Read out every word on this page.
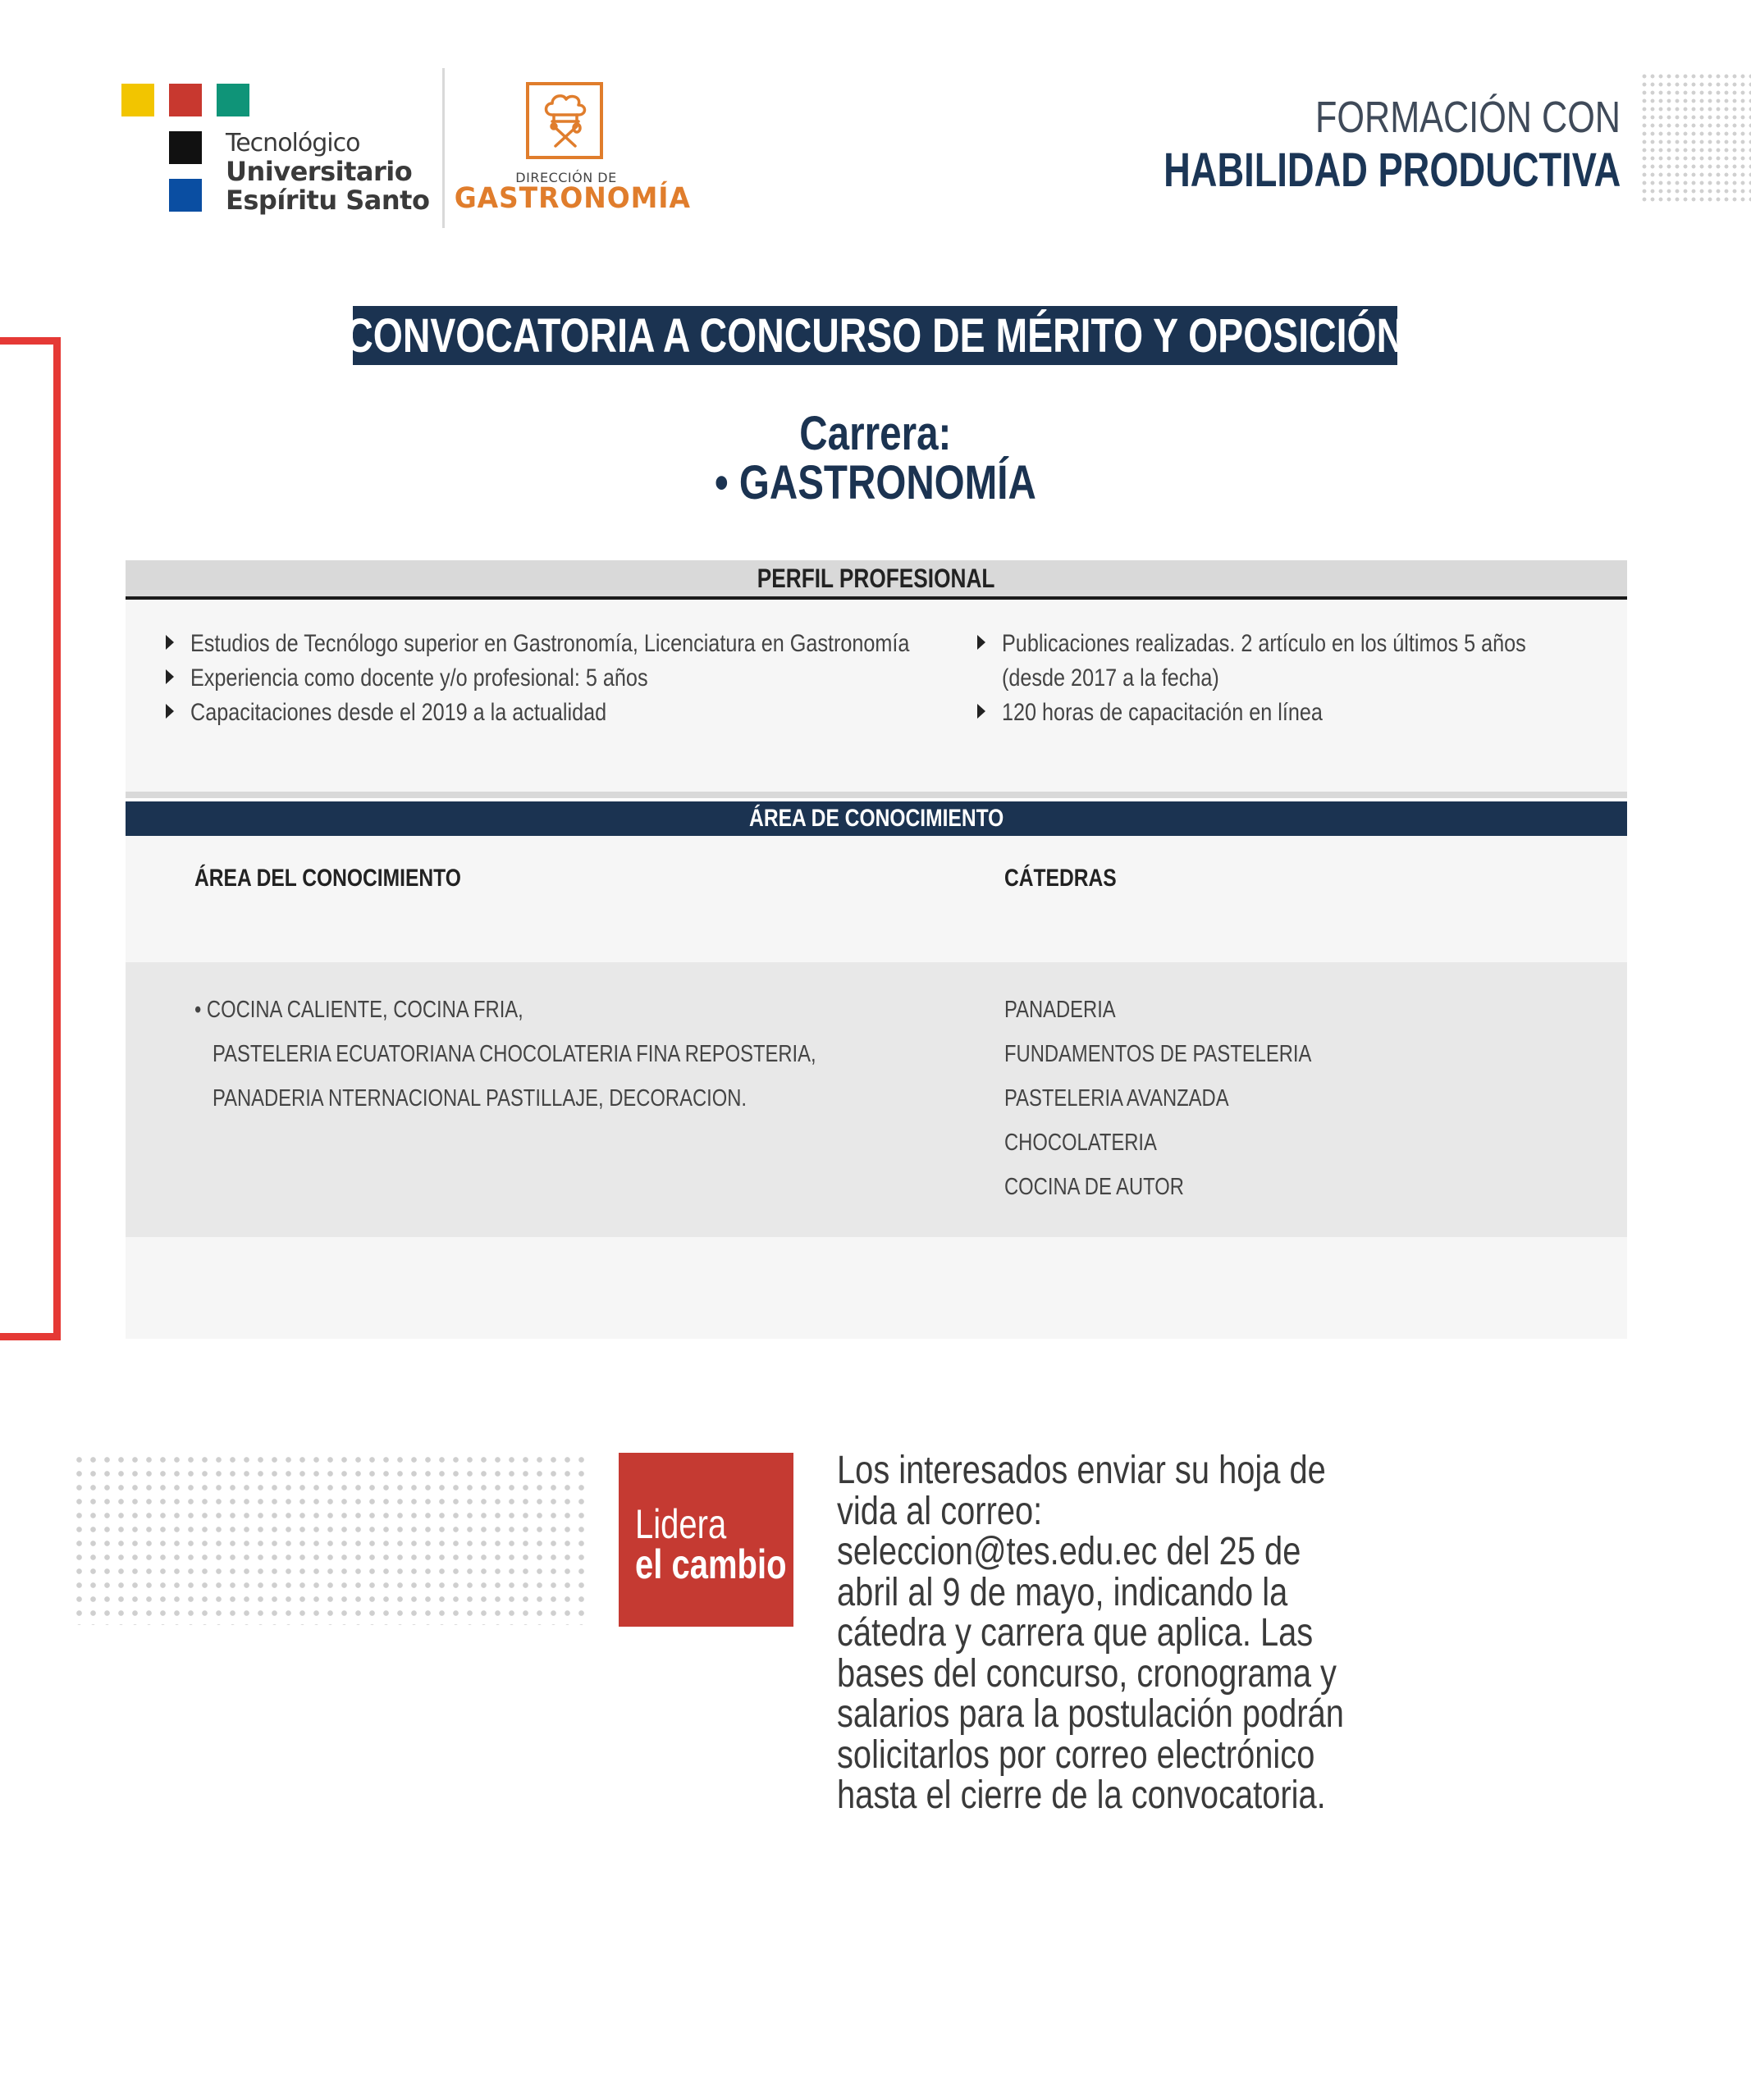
Tecnológico
Universitario
Espíritu Santo
DIRECCIÓN DE
GASTRONOMÍA
FORMACIÓN CON
HABILIDAD PRODUCTIVA
CONVOCATORIA A CONCURSO DE MÉRITO Y OPOSICIÓN
Carrera:
• GASTRONOMÍA
PERFIL PROFESIONAL
Estudios de Tecnólogo superior en Gastronomía, Licenciatura en Gastronomía
Experiencia como docente y/o profesional: 5 años
Capacitaciones desde el 2019 a la actualidad
Publicaciones realizadas. 2 artículo en los últimos 5 años
(desde 2017 a la fecha)
120 horas de capacitación en línea
ÁREA DE CONOCIMIENTO
ÁREA DEL CONOCIMIENTO	CÁTEDRAS
• COCINA CALIENTE, COCINA FRIA,
PASTELERIA ECUATORIANA CHOCOLATERIA FINA REPOSTERIA,
PANADERIA NTERNACIONAL PASTILLAJE, DECORACION.
PANADERIA
FUNDAMENTOS DE PASTELERIA
PASTELERIA AVANZADA
CHOCOLATERIA
COCINA DE AUTOR
Lidera
el cambio
Los interesados enviar su hoja de
vida al correo:
seleccion@tes.edu.ec del 25 de
abril al 9 de mayo, indicando la
cátedra y carrera que aplica. Las
bases del concurso, cronograma y
salarios para la postulación podrán
solicitarlos por correo electrónico
hasta el cierre de la convocatoria.
